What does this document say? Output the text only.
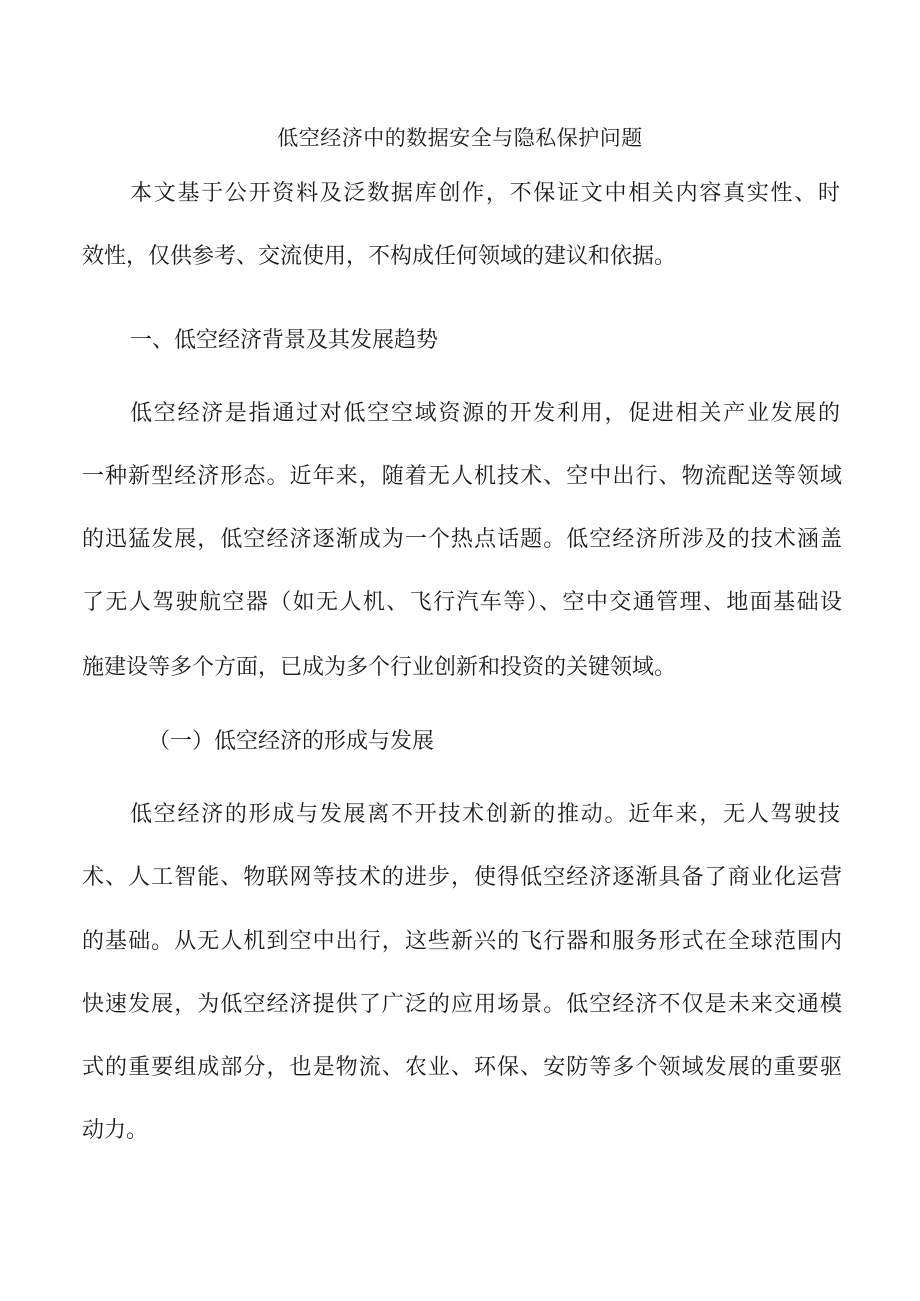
低空经济中的数据安全与隐私保护问题
本文基于公开资料及泛数据库创作，不保证文中相关内容真实性、时
效性，仅供参考、交流使用，不构成任何领域的建议和依据。
一、低空经济背景及其发展趋势
低空经济是指通过对低空空域资源的开发利用，促进相关产业发展的
一种新型经济形态。近年来，随着无人机技术、空中出行、物流配送等领域
的迅猛发展，低空经济逐渐成为一个热点话题。低空经济所涉及的技术涵盖
了无人驾驶航空器（如无人机、飞行汽车等）、空中交通管理、地面基础设
施建设等多个方面，已成为多个行业创新和投资的关键领域。
（一）低空经济的形成与发展
低空经济的形成与发展离不开技术创新的推动。近年来，无人驾驶技
术、人工智能、物联网等技术的进步，使得低空经济逐渐具备了商业化运营
的基础。从无人机到空中出行，这些新兴的飞行器和服务形式在全球范围内
快速发展，为低空经济提供了广泛的应用场景。低空经济不仅是未来交通模
式的重要组成部分，也是物流、农业、环保、安防等多个领域发展的重要驱
动力。
